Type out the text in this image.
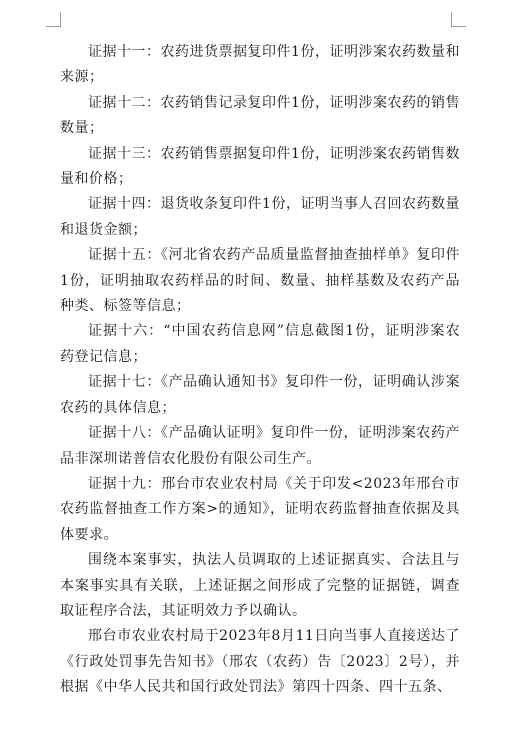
证据十一：农药进货票据复印件1份，证明涉案农药数量和来源；

证据十二：农药销售记录复印件1份，证明涉案农药的销售数量；

证据十三：农药销售票据复印件1份，证明涉案农药销售数量和价格；

证据十四：退货收条复印件1份，证明当事人召回农药数量和退货金额；

证据十五：《河北省农药产品质量监督抽查抽样单》复印件1份，证明抽取农药样品的时间、数量、抽样基数及农药产品种类、标签等信息；

证据十六：“中国农药信息网”信息截图1份，证明涉案农药登记信息；

证据十七：《产品确认通知书》复印件一份，证明确认涉案农药的具体信息；

证据十八：《产品确认证明》复印件一份，证明涉案农药产品非深圳诺普信农化股份有限公司生产。

证据十九：邢台市农业农村局《关于印发<2023年邢台市农药监督抽查工作方案>的通知》，证明农药监督抽查依据及具体要求。

围绕本案事实，执法人员调取的上述证据真实、合法且与本案事实具有关联，上述证据之间形成了完整的证据链，调查取证程序合法，其证明效力予以确认。

邢台市农业农村局于2023年8月11日向当事人直接送达了《行政处罚事先告知书》（邢农（农药）告〔2023〕2号），并根据《中华人民共和国行政处罚法》第四十四条、四十五条、
